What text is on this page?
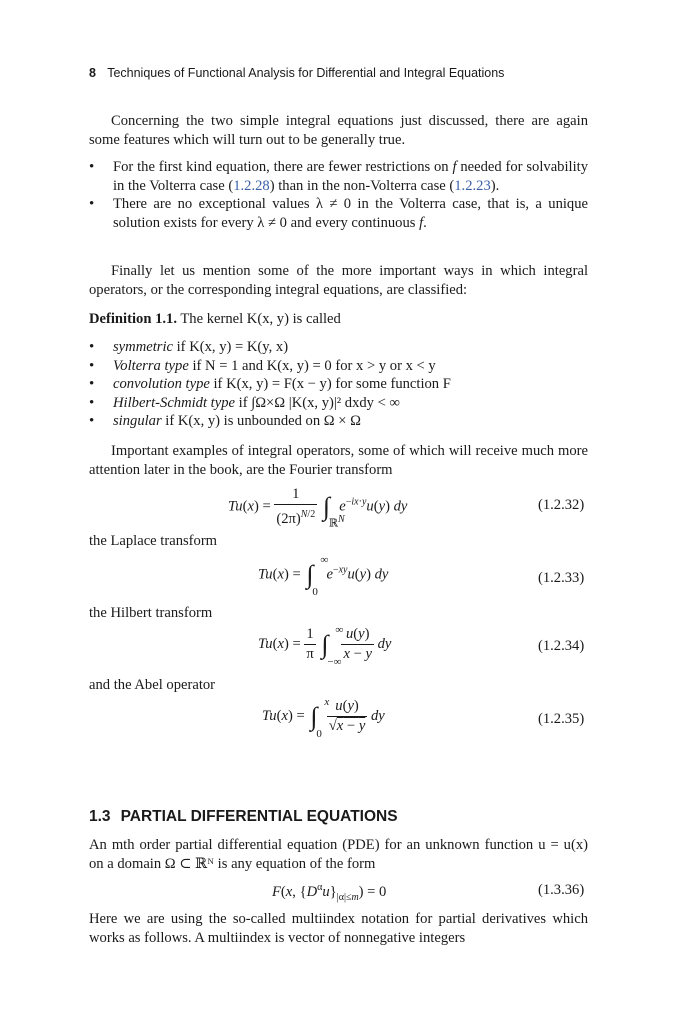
8 Techniques of Functional Analysis for Differential and Integral Equations
Concerning the two simple integral equations just discussed, there are again some features which will turn out to be generally true.
• For the first kind equation, there are fewer restrictions on f needed for solvability in the Volterra case (1.2.28) than in the non-Volterra case (1.2.23).
• There are no exceptional values λ ≠ 0 in the Volterra case, that is, a unique solution exists for every λ ≠ 0 and every continuous f.
Finally let us mention some of the more important ways in which integral operators, or the corresponding integral equations, are classified:
Definition 1.1. The kernel K(x, y) is called
• symmetric if K(x, y) = K(y, x)
• Volterra type if N = 1 and K(x, y) = 0 for x > y or x < y
• convolution type if K(x, y) = F(x − y) for some function F
• Hilbert-Schmidt type if ∫Ω×Ω |K(x, y)|² dxdy < ∞
• singular if K(x, y) is unbounded on Ω × Ω
Important examples of integral operators, some of which will receive much more attention later in the book, are the Fourier transform
$Tu(x) = \frac{1}{(2\pi)^{N/2}}$ ∫
ℝ$^N$
$e^{-ix\cdot y}u(y)$ dy	(1.2.32)
the Laplace transform
Tu(x) = ∫ ∞
0
$e^{-xy}u(y)$ dy	(1.2.33)
the Hilbert transform
$Tu(x) = \frac{1}{\pi}$ ∫ ∞
−∞
$\frac{u(y)}{x - y}$ dy	(1.2.34)
and the Abel operator
Tu(x) = ∫ x
0
$\frac{u(y)}{√x - y}$ dy	(1.2.35)
1.3 PARTIAL DIFFERENTIAL EQUATIONS
An mth order partial differential equation (PDE) for an unknown function u = u(x) on a domain Ω ⊂ ℝᴺ is any equation of the form
F(x, $\{D^\alpha u\}_{|\alpha|\le m}) = 0$	(1.3.36)
Here we are using the so-called multiindex notation for partial derivatives which works as follows. A multiindex is vector of nonnegative integers
